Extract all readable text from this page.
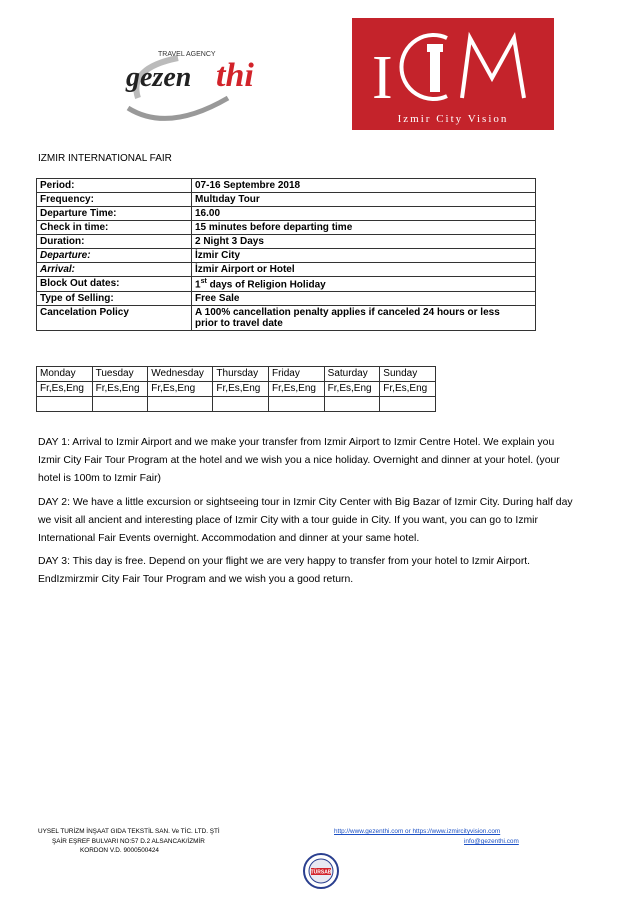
TRAVEL AGENCY
gezen thi I
Izmir City Vision
IZMIR INTERNATIONAL FAIR
Period:	07-16 Septembre 2018
Frequency:	Multıday Tour
Departure Time:	16.00
Check in time:	15 minutes before departing time
Duration:	2 Night 3 Days
Departure:	İzmir City
Arrival:	İzmir Airport or Hotel
Block Out dates:	1st days of Religion Holiday
Type of Selling:	Free Sale
Cancelation Policy	A 100% cancellation penalty applies if canceled 24 hours or less
prior to travel date
Monday	Tuesday	Wednesday	Thursday	Friday	Saturday	Sunday
Fr,Es,Eng	Fr,Es,Eng	Fr,Es,Eng	Fr,Es,Eng	Fr,Es,Eng	Fr,Es,Eng	Fr,Es,Eng

DAY 1: Arrival to Izmir Airport and we make your transfer from Izmir Airport to Izmir Centre Hotel. We explain you
Izmir City Fair Tour Program at the hotel and we wish you a nice holiday. Overnight and dinner at your hotel. (your
hotel is 100m to Izmir Fair)
DAY 2: We have a little excursion or sightseeing tour in Izmir City Center with Big Bazar of Izmir City. During half day
we visit all ancient and interesting place of Izmir City with a tour guide in City. If you want, you can go to Izmir
International Fair Events overnight. Accommodation and dinner at your same hotel.
DAY 3: This day is free. Depend on your flight we are very happy to transfer from your hotel to Izmir Airport.
EndIzmirzmir City Fair Tour Program and we wish you a good return.
UYSEL TURİZM İNŞAAT GIDA TEKSTİL SAN. Ve TİC. LTD. ŞTİ
ŞAİR EŞREF BULVARI NO:57 D.2 ALSANCAK/İZMİR
KORDON V.D. 9000500424
http://www.gezenthi.com or https://www.izmircityvision.com
info@gezenthi.com
TÜRSAB
